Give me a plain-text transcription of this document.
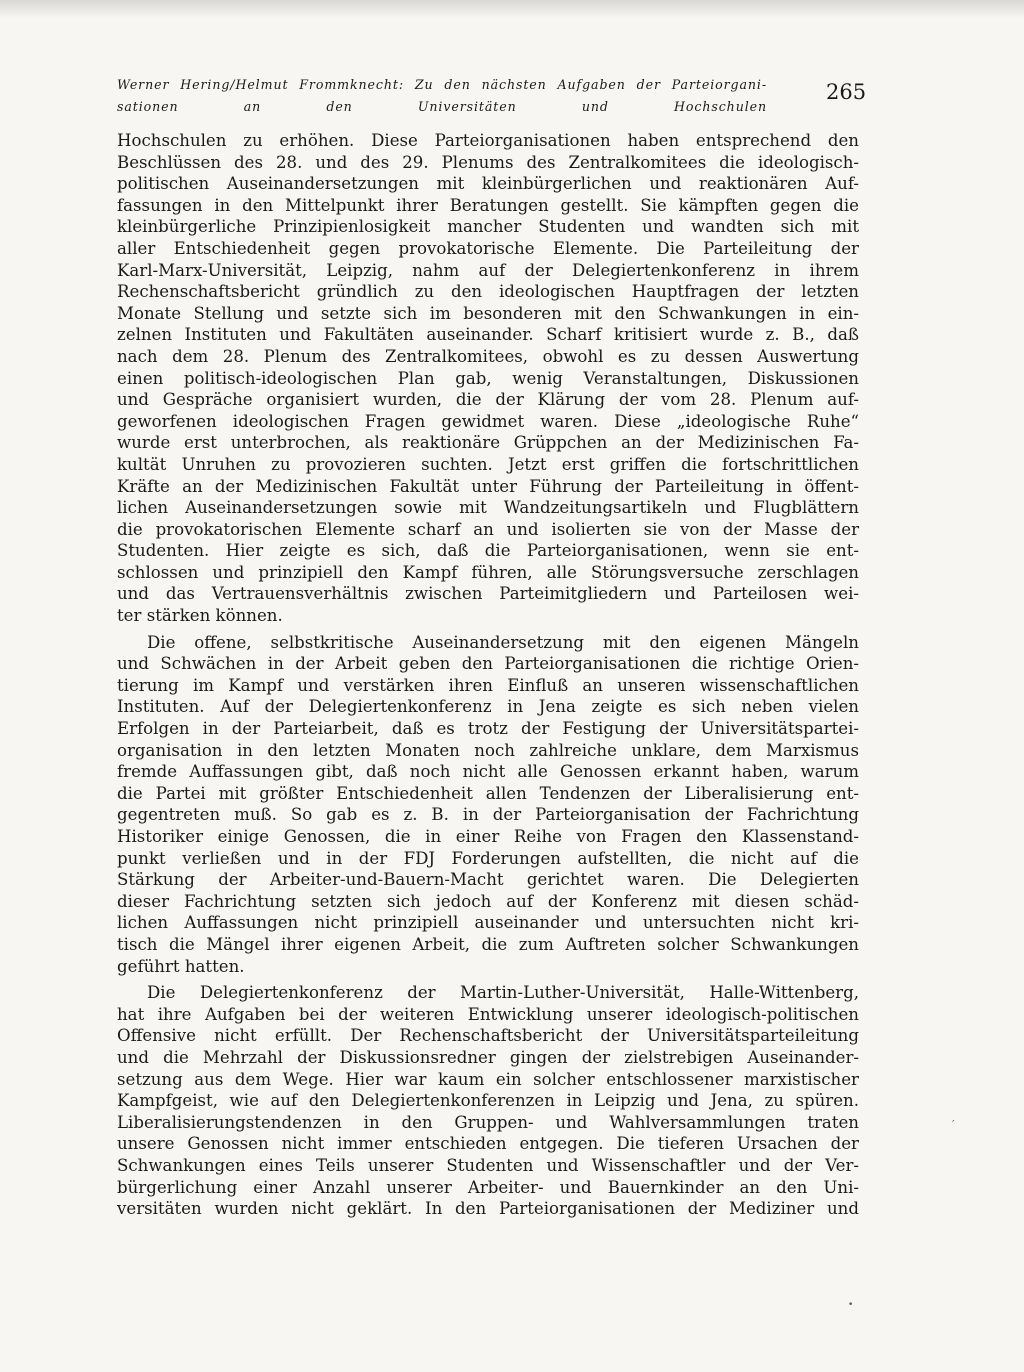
Werner Hering/Helmut Frommknecht: Zu den nächsten Aufgaben der Parteiorgani-
sationen an den Universitäten und Hochschulen
265
Hochschulen zu erhöhen. Diese Parteiorganisationen haben entsprechend den
Beschlüssen des 28. und des 29. Plenums des Zentralkomitees die ideologisch-
politischen Auseinandersetzungen mit kleinbürgerlichen und reaktionären Auf-
fassungen in den Mittelpunkt ihrer Beratungen gestellt. Sie kämpften gegen die
kleinbürgerliche Prinzipienlosigkeit mancher Studenten und wandten sich mit
aller Entschiedenheit gegen provokatorische Elemente. Die Parteileitung der
Karl-Marx-Universität, Leipzig, nahm auf der Delegiertenkonferenz in ihrem
Rechenschaftsbericht gründlich zu den ideologischen Hauptfragen der letzten
Monate Stellung und setzte sich im besonderen mit den Schwankungen in ein-
zelnen Instituten und Fakultäten auseinander. Scharf kritisiert wurde z. B., daß
nach dem 28. Plenum des Zentralkomitees, obwohl es zu dessen Auswertung
einen politisch-ideologischen Plan gab, wenig Veranstaltungen, Diskussionen
und Gespräche organisiert wurden, die der Klärung der vom 28. Plenum auf-
geworfenen ideologischen Fragen gewidmet waren. Diese „ideologische Ruhe“
wurde erst unterbrochen, als reaktionäre Grüppchen an der Medizinischen Fa-
kultät Unruhen zu provozieren suchten. Jetzt erst griffen die fortschrittlichen
Kräfte an der Medizinischen Fakultät unter Führung der Parteileitung in öffent-
lichen Auseinandersetzungen sowie mit Wandzeitungsartikeln und Flugblättern
die provokatorischen Elemente scharf an und isolierten sie von der Masse der
Studenten. Hier zeigte es sich, daß die Parteiorganisationen, wenn sie ent-
schlossen und prinzipiell den Kampf führen, alle Störungsversuche zerschlagen
und das Vertrauensverhältnis zwischen Parteimitgliedern und Parteilosen wei-
ter stärken können.
Die offene, selbstkritische Auseinandersetzung mit den eigenen Mängeln
und Schwächen in der Arbeit geben den Parteiorganisationen die richtige Orien-
tierung im Kampf und verstärken ihren Einfluß an unseren wissenschaftlichen
Instituten. Auf der Delegiertenkonferenz in Jena zeigte es sich neben vielen
Erfolgen in der Parteiarbeit, daß es trotz der Festigung der Universitätspartei-
organisation in den letzten Monaten noch zahlreiche unklare, dem Marxismus
fremde Auffassungen gibt, daß noch nicht alle Genossen erkannt haben, warum
die Partei mit größter Entschiedenheit allen Tendenzen der Liberalisierung ent-
gegentreten muß. So gab es z. B. in der Parteiorganisation der Fachrichtung
Historiker einige Genossen, die in einer Reihe von Fragen den Klassenstand-
punkt verließen und in der FDJ Forderungen aufstellten, die nicht auf die
Stärkung der Arbeiter-und-Bauern-Macht gerichtet waren. Die Delegierten
dieser Fachrichtung setzten sich jedoch auf der Konferenz mit diesen schäd-
lichen Auffassungen nicht prinzipiell auseinander und untersuchten nicht kri-
tisch die Mängel ihrer eigenen Arbeit, die zum Auftreten solcher Schwankungen
geführt hatten.
Die Delegiertenkonferenz der Martin-Luther-Universität, Halle-Wittenberg,
hat ihre Aufgaben bei der weiteren Entwicklung unserer ideologisch-politischen
Offensive nicht erfüllt. Der Rechenschaftsbericht der Universitätsparteileitung
und die Mehrzahl der Diskussionsredner gingen der zielstrebigen Auseinander-
setzung aus dem Wege. Hier war kaum ein solcher entschlossener marxistischer
Kampfgeist, wie auf den Delegiertenkonferenzen in Leipzig und Jena, zu spüren.
Liberalisierungstendenzen in den Gruppen- und Wahlversammlungen traten
unsere Genossen nicht immer entschieden entgegen. Die tieferen Ursachen der
Schwankungen eines Teils unserer Studenten und Wissenschaftler und der Ver-
bürgerlichung einer Anzahl unserer Arbeiter- und Bauernkinder an den Uni-
versitäten wurden nicht geklärt. In den Parteiorganisationen der Mediziner und
′
•
